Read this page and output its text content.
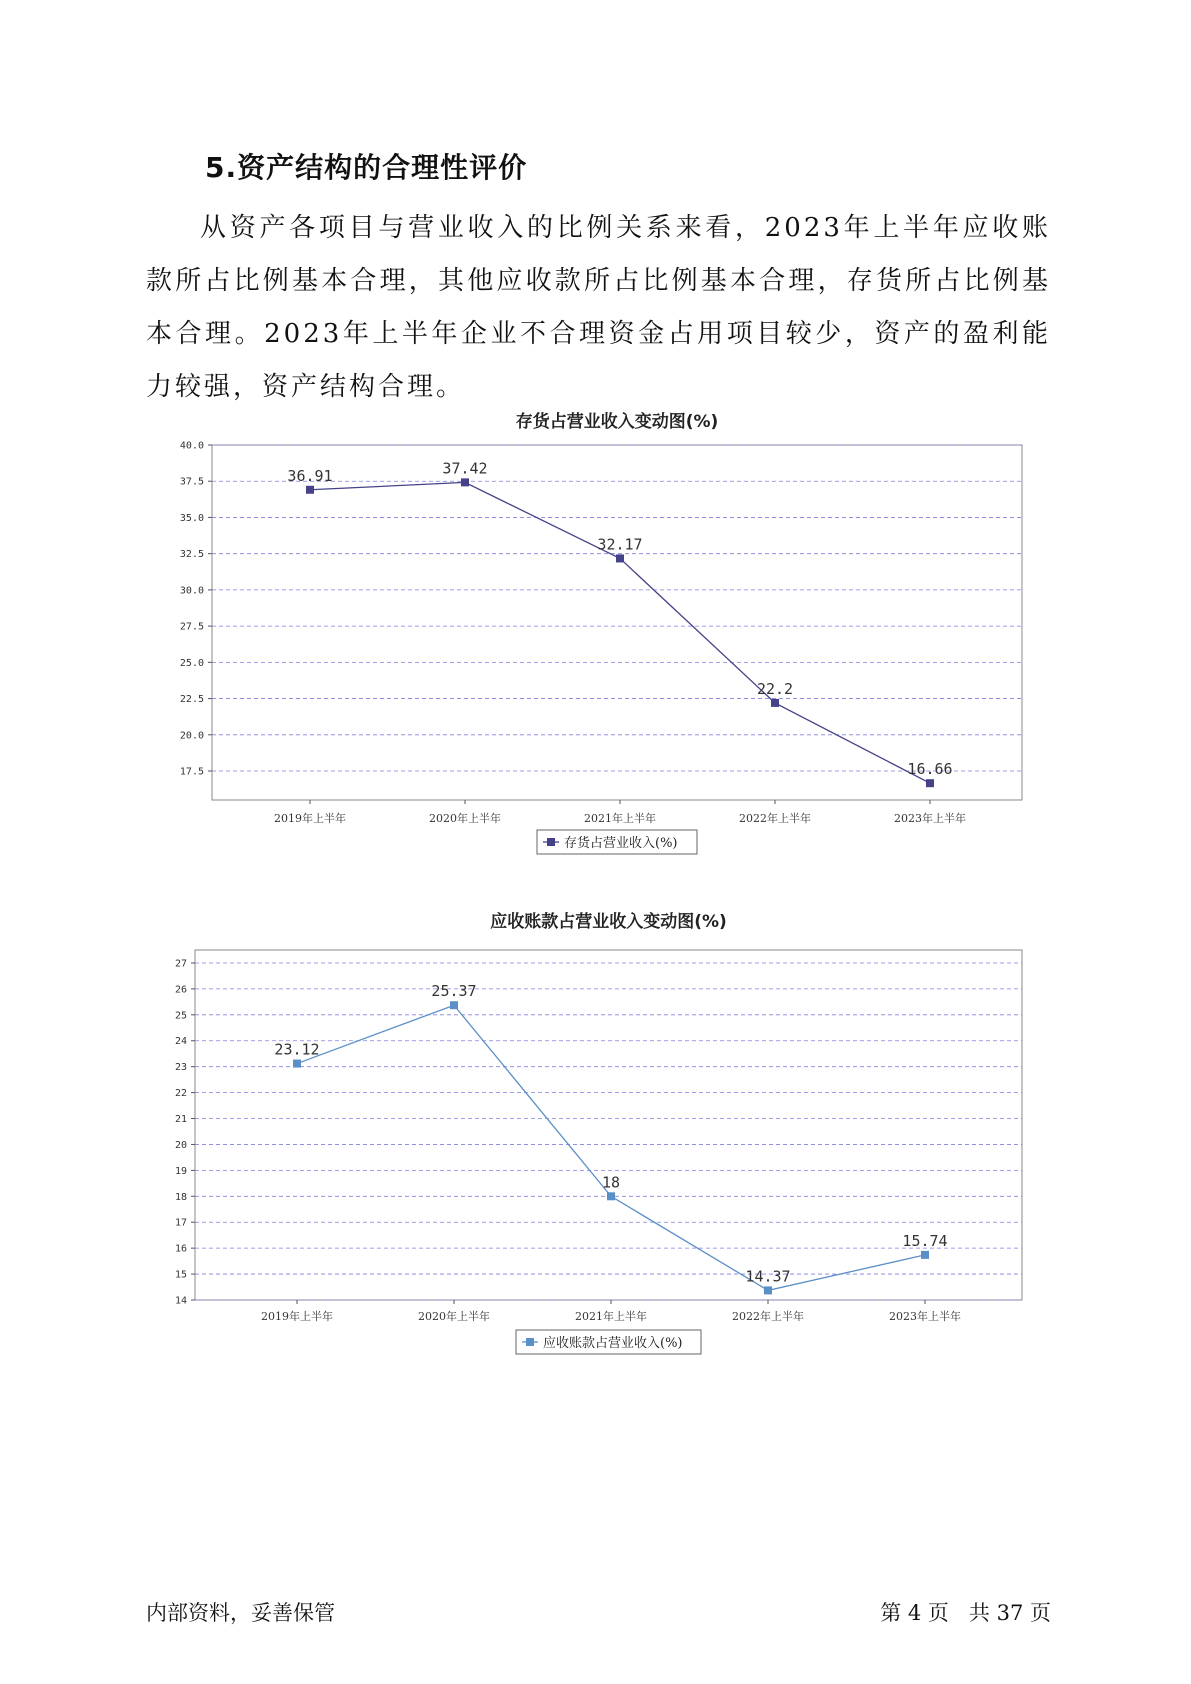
5.资产结构的合理性评价

从资产各项目与营业收入的比例关系来看，2023年上半年应收账款所占比例基本合理，其他应收款所占比例基本合理，存货所占比例基本合理。2023年上半年企业不合理资金占用项目较少，资产的盈利能力较强，资产结构合理。

存货占营业收入变动图(%)
17.5
20.0
22.5
25.0
27.5
30.0
32.5
35.0
37.5
40.0
2019年上半年	2020年上半年	2021年上半年	2022年上半年	2023年上半年
36.91	37.42
32.17
22.2
16.66
存货占营业收入(%)
应收账款占营业收入变动图(%)
14
15
16
17
18
19
20
21
22
23
24
25
26
27
2019年上半年	2020年上半年	2021年上半年	2022年上半年	2023年上半年
23.12
25.37
18
14.37
15.74
应收账款占营业收入(%)

内部资料，妥善保管	第 4 页   共 37 页
